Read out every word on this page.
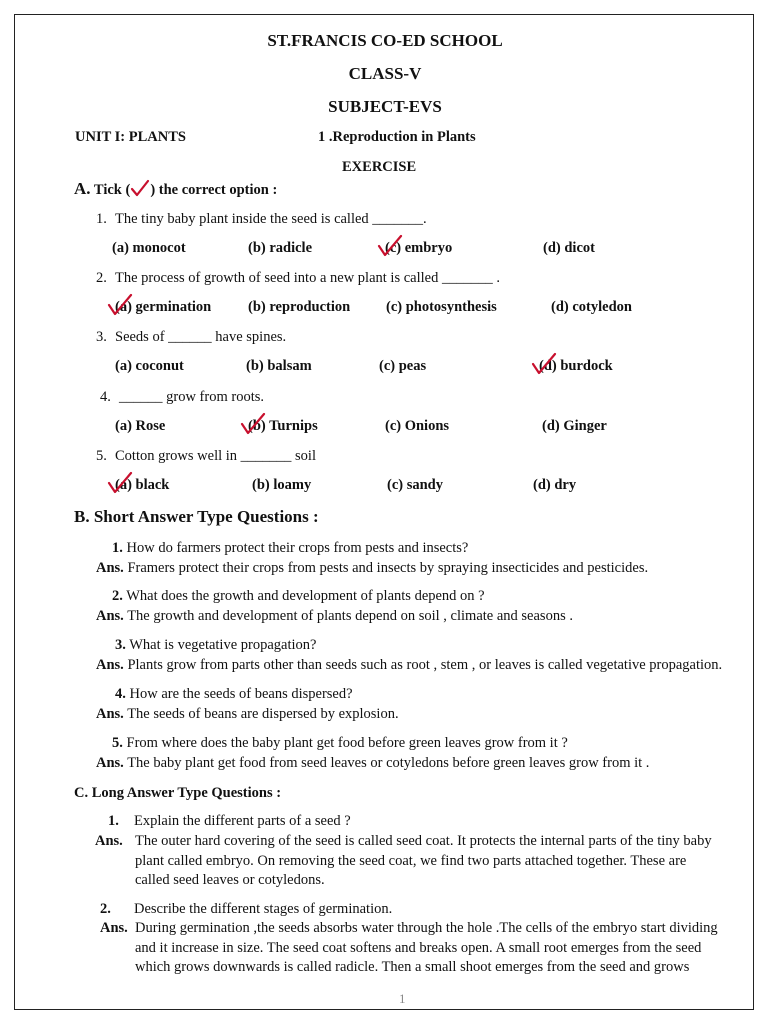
ST.FRANCIS CO-ED SCHOOL
CLASS-V
SUBJECT-EVS
UNIT I: PLANTS	1 .Reproduction in Plants
EXERCISE
A. Tick ( ) the correct option :
1. The tiny baby plant inside the seed is called _______.
(a) monocot	(b) radicle	(c) embryo	(d) dicot
2. The process of growth of seed into a new plant is called _______ .
(a) germination	(b) reproduction (c) photosynthesis	(d) cotyledon
3. Seeds of ______ have spines.
(a) coconut	(b) balsam	(c) peas	(d) burdock
4. ______ grow from roots.
(a) Rose	(b) Turnips	(c) Onions	(d) Ginger
5. Cotton grows well in _______ soil
(a) black	(b) loamy	(c) sandy	(d) dry
B. Short Answer Type Questions :
1. How do farmers protect their crops from pests and insects?
Ans. Framers protect their crops from pests and insects by spraying insecticides and pesticides.
2. What does the growth and development of plants depend on ?
Ans. The growth and development of plants depend on soil , climate and seasons .
3. What is vegetative propagation?
Ans. Plants grow from parts other than seeds such as root , stem , or leaves is called vegetative propagation.
4. How are the seeds of beans dispersed?
Ans. The seeds of beans are dispersed by explosion.
5. From where does the baby plant get food before green leaves grow from it ?
Ans. The baby plant get food from seed leaves or cotyledons before green leaves grow from it .
C. Long Answer Type Questions :
1. Explain the different parts of a seed ?
Ans. The outer hard covering of the seed is called seed coat. It protects the internal parts of the tiny baby
plant called embryo. On removing the seed coat, we find two parts attached together. These are
called seed leaves or cotyledons.
2. Describe the different stages of germination.
Ans. During germination ,the seeds absorbs water through the hole .The cells of the embryo start dividing
and it increase in size. The seed coat softens and breaks open. A small root emerges from the seed
which grows downwards is called radicle. Then a small shoot emerges from the seed and grows
1
